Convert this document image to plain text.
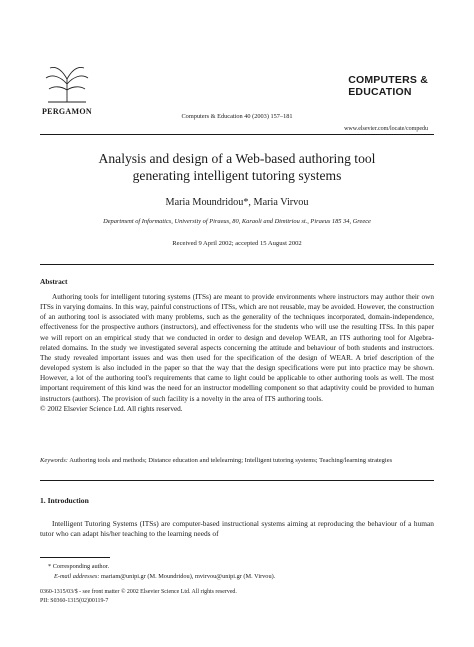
PERGAMON
Computers & Education 40 (2003) 157–181
COMPUTERS &
EDUCATION
www.elsevier.com/locate/compedu
Analysis and design of a Web-based authoring tool
generating intelligent tutoring systems
Maria Moundridou*, Maria Virvou
Department of Informatics, University of Piraeus, 80, Karaoli and Dimitriou st., Piraeus 185 34, Greece
Received 9 April 2002; accepted 15 August 2002
Abstract

Authoring tools for intelligent tutoring systems (ITSs) are meant to provide environments where instructors may author their own ITSs in varying domains. In this way, painful constructions of ITSs, which are not reusable, may be avoided. However, the construction of an authoring tool is associated with many problems, such as the generality of the techniques incorporated, domain-independence, effectiveness for the prospective authors (instructors), and effectiveness for the students who will use the resulting ITSs. In this paper we will report on an empirical study that we conducted in order to design and develop WEAR, an ITS authoring tool for Algebra-related domains. In the study we investigated several aspects concerning the attitude and behaviour of both students and instructors. The study revealed important issues and was then used for the specification of the design of WEAR. A brief description of the developed system is also included in the paper so that the way that the design specifications were put into practice may be shown. However, a lot of the authoring tool's requirements that came to light could be applicable to other authoring tools as well. The most important requirement of this kind was the need for an instructor modelling component so that adaptivity could be provided to human instructors (authors). The provision of such facility is a novelty in the area of ITS authoring tools.

© 2002 Elsevier Science Ltd. All rights reserved.

Keywords: Authoring tools and methods; Distance education and telelearning; Intelligent tutoring systems; Teaching/learning strategies
1. Introduction

Intelligent Tutoring Systems (ITSs) are computer-based instructional systems aiming at reproducing the behaviour of a human tutor who can adapt his/her teaching to the learning needs of

* Corresponding author.
E-mail addresses: mariam@unipi.gr (M. Moundridou), mvirvou@unipi.gr (M. Virvou).
0360-1315/03/$ - see front matter © 2002 Elsevier Science Ltd. All rights reserved.
PII: S0360-1315(02)00119-7
